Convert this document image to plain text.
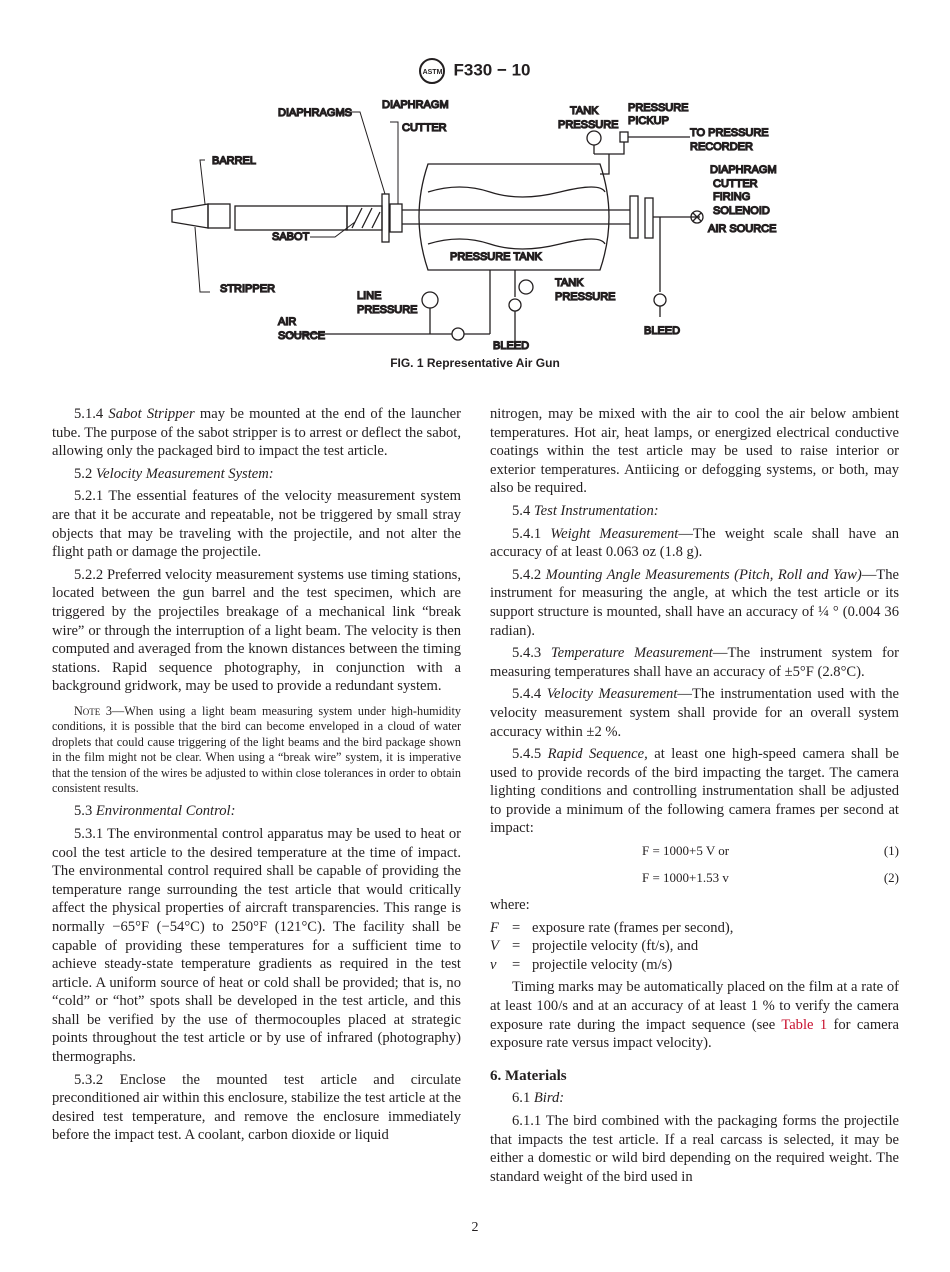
ASTM F330 − 10
DIAPHRAGMS
DIAPHRAGM
CUTTER
TANK
PRESSURE
PRESSURE
PICKUP
TO PRESSURE
RECORDER
BARREL
DIAPHRAGM
CUTTER
FIRING
SOLENOID
AIR SOURCE
SABOT
PRESSURE TANK
STRIPPER
LINE
PRESSURE
TANK
PRESSURE
AIR
SOURCE
BLEED
BLEED
FIG. 1 Representative Air Gun

5.1.4 Sabot Stripper may be mounted at the end of the launcher tube. The purpose of the sabot stripper is to arrest or deflect the sabot, allowing only the packaged bird to impact the test article.

5.2 Velocity Measurement System:

5.2.1 The essential features of the velocity measurement system are that it be accurate and repeatable, not be triggered by small stray objects that may be traveling with the projectile, and not alter the flight path or damage the projectile.

5.2.2 Preferred velocity measurement systems use timing stations, located between the gun barrel and the test specimen, which are triggered by the projectiles breakage of a mechanical link “break wire” or through the interruption of a light beam. The velocity is then computed and averaged from the known distances between the timing stations. Rapid sequence photography, in conjunction with a background gridwork, may be used to provide a redundant system.

Note 3—When using a light beam measuring system under high-humidity conditions, it is possible that the bird can become enveloped in a cloud of water droplets that could cause triggering of the light beams and the bird package shown in the film might not be clear. When using a “break wire” system, it is imperative that the tension of the wires be adjusted to within close tolerances in order to obtain consistent results.

5.3 Environmental Control:

5.3.1 The environmental control apparatus may be used to heat or cool the test article to the desired temperature at the time of impact. The environmental control required shall be capable of providing the temperature range surrounding the test article that would critically affect the physical properties of aircraft transparencies. This range is normally −65°F (−54°C) to 250°F (121°C). The facility shall be capable of providing these temperatures for a sufficient time to achieve steady-state temperature gradients as required in the test article. A uniform source of heat or cold shall be provided; that is, no “cold” or “hot” spots shall be developed in the test article, and this shall be verified by the use of thermocouples placed at strategic points throughout the test article or by use of infrared (photography) thermographs.

5.3.2 Enclose the mounted test article and circulate preconditioned air within this enclosure, stabilize the test article at the desired test temperature, and remove the enclosure immediately before the impact test. A coolant, carbon dioxide or liquid

nitrogen, may be mixed with the air to cool the air below ambient temperatures. Hot air, heat lamps, or energized electrical conductive coatings within the test article may be used to raise interior or exterior temperatures. Antiicing or defogging systems, or both, may also be required.

5.4 Test Instrumentation:

5.4.1 Weight Measurement—The weight scale shall have an accuracy of at least 0.063 oz (1.8 g).

5.4.2 Mounting Angle Measurements (Pitch, Roll and Yaw)—The instrument for measuring the angle, at which the test article or its support structure is mounted, shall have an accuracy of ¼ ° (0.004 36 radian).

5.4.3 Temperature Measurement—The instrument system for measuring temperatures shall have an accuracy of ±5°F (2.8°C).

5.4.4 Velocity Measurement—The instrumentation used with the velocity measurement system shall provide for an overall system accuracy within ±2 %.

5.4.5 Rapid Sequence, at least one high-speed camera shall be used to provide records of the bird impacting the target. The camera lighting conditions and controlling instrumentation shall be adjusted to provide a minimum of the following camera frames per second at impact:

F = 1000+5 V or	(1)

F = 1000+1.53 v	(2)

where:

F = exposure rate (frames per second),
V = projectile velocity (ft/s), and
v	= projectile velocity (m/s)

Timing marks may be automatically placed on the film at a rate of at least 100/s and at an accuracy of at least 1 % to verify the camera exposure rate during the impact sequence (see Table 1 for camera exposure rate versus impact velocity).

6. Materials

6.1 Bird:

6.1.1 The bird combined with the packaging forms the projectile that impacts the test article. If a real carcass is selected, it may be either a domestic or wild bird depending on the required weight. The standard weight of the bird used in

2
